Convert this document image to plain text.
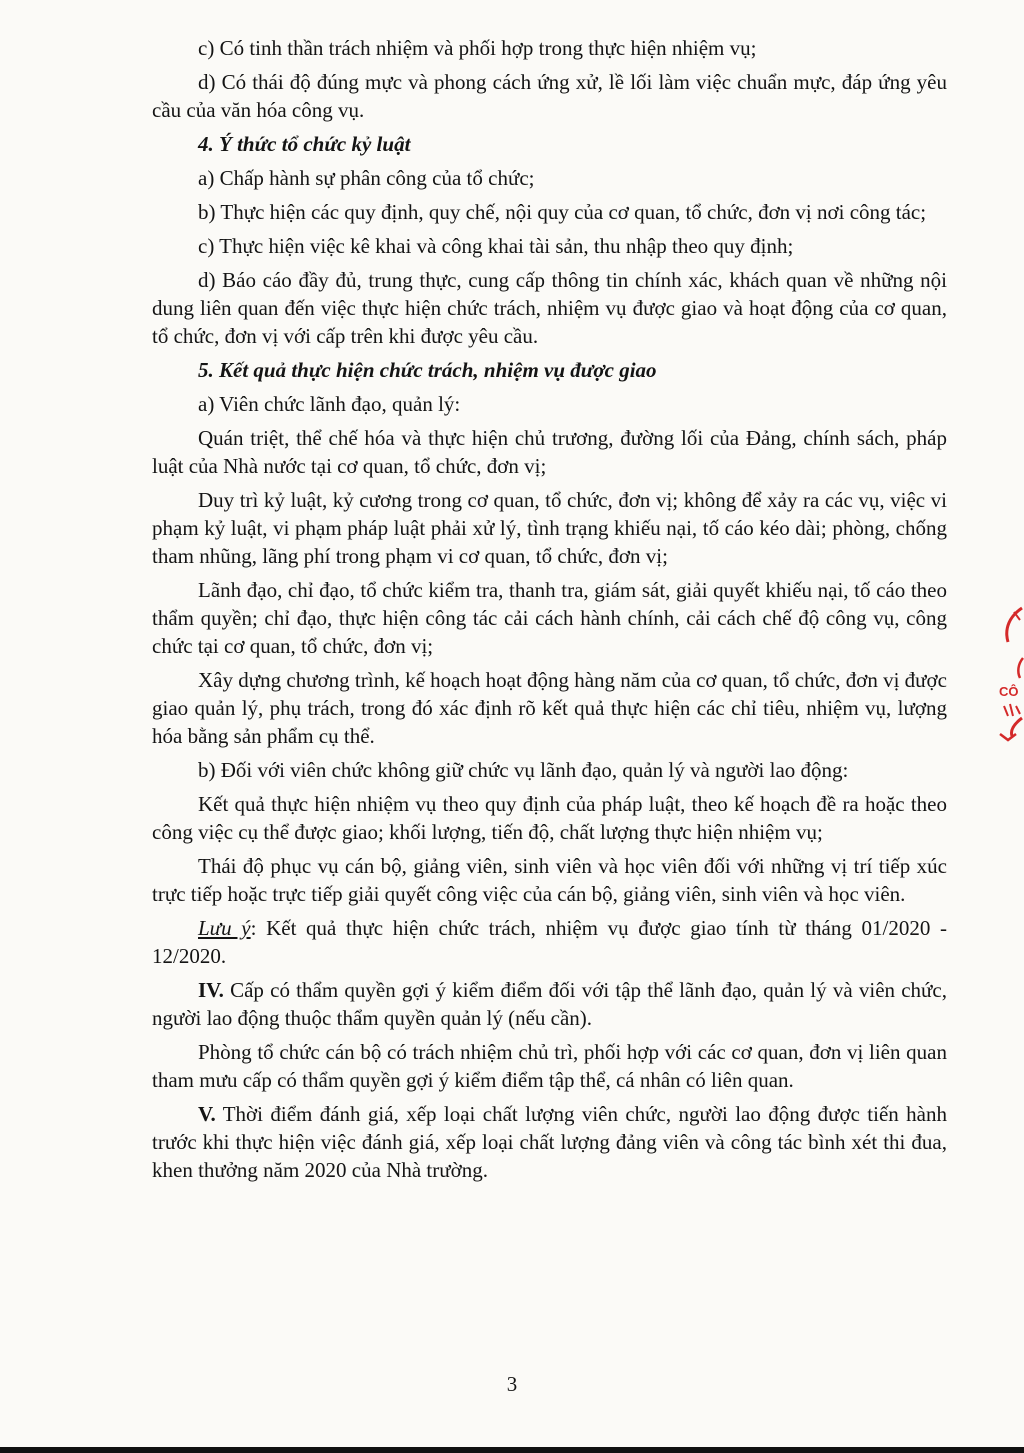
c) Có tinh thần trách nhiệm và phối hợp trong thực hiện nhiệm vụ;

d) Có thái độ đúng mực và phong cách ứng xử, lề lối làm việc chuẩn mực, đáp ứng yêu cầu của văn hóa công vụ.

4. Ý thức tổ chức kỷ luật

a) Chấp hành sự phân công của tổ chức;

b) Thực hiện các quy định, quy chế, nội quy của cơ quan, tổ chức, đơn vị nơi công tác;

c) Thực hiện việc kê khai và công khai tài sản, thu nhập theo quy định;

d) Báo cáo đầy đủ, trung thực, cung cấp thông tin chính xác, khách quan về những nội dung liên quan đến việc thực hiện chức trách, nhiệm vụ được giao và hoạt động của cơ quan, tổ chức, đơn vị với cấp trên khi được yêu cầu.

5. Kết quả thực hiện chức trách, nhiệm vụ được giao

a) Viên chức lãnh đạo, quản lý:

Quán triệt, thể chế hóa và thực hiện chủ trương, đường lối của Đảng, chính sách, pháp luật của Nhà nước tại cơ quan, tổ chức, đơn vị;

Duy trì kỷ luật, kỷ cương trong cơ quan, tổ chức, đơn vị; không để xảy ra các vụ, việc vi phạm kỷ luật, vi phạm pháp luật phải xử lý, tình trạng khiếu nại, tố cáo kéo dài; phòng, chống tham nhũng, lãng phí trong phạm vi cơ quan, tổ chức, đơn vị;

Lãnh đạo, chỉ đạo, tổ chức kiểm tra, thanh tra, giám sát, giải quyết khiếu nại, tố cáo theo thẩm quyền; chỉ đạo, thực hiện công tác cải cách hành chính, cải cách chế độ công vụ, công chức tại cơ quan, tổ chức, đơn vị;

Xây dựng chương trình, kế hoạch hoạt động hàng năm của cơ quan, tổ chức, đơn vị được giao quản lý, phụ trách, trong đó xác định rõ kết quả thực hiện các chỉ tiêu, nhiệm vụ, lượng hóa bằng sản phẩm cụ thể.

b) Đối với viên chức không giữ chức vụ lãnh đạo, quản lý và người lao động:

Kết quả thực hiện nhiệm vụ theo quy định của pháp luật, theo kế hoạch đề ra hoặc theo công việc cụ thể được giao; khối lượng, tiến độ, chất lượng thực hiện nhiệm vụ;

Thái độ phục vụ cán bộ, giảng viên, sinh viên và học viên đối với những vị trí tiếp xúc trực tiếp hoặc trực tiếp giải quyết công việc của cán bộ, giảng viên, sinh viên và học viên.

Lưu ý: Kết quả thực hiện chức trách, nhiệm vụ được giao tính từ tháng 01/2020 - 12/2020.

IV. Cấp có thẩm quyền gợi ý kiểm điểm đối với tập thể lãnh đạo, quản lý và viên chức, người lao động thuộc thẩm quyền quản lý (nếu cần).

Phòng tổ chức cán bộ có trách nhiệm chủ trì, phối hợp với các cơ quan, đơn vị liên quan tham mưu cấp có thẩm quyền gợi ý kiểm điểm tập thể, cá nhân có liên quan.

V. Thời điểm đánh giá, xếp loại chất lượng viên chức, người lao động được tiến hành trước khi thực hiện việc đánh giá, xếp loại chất lượng đảng viên và công tác bình xét thi đua, khen thưởng năm 2020 của Nhà trường.

3
CÔ
